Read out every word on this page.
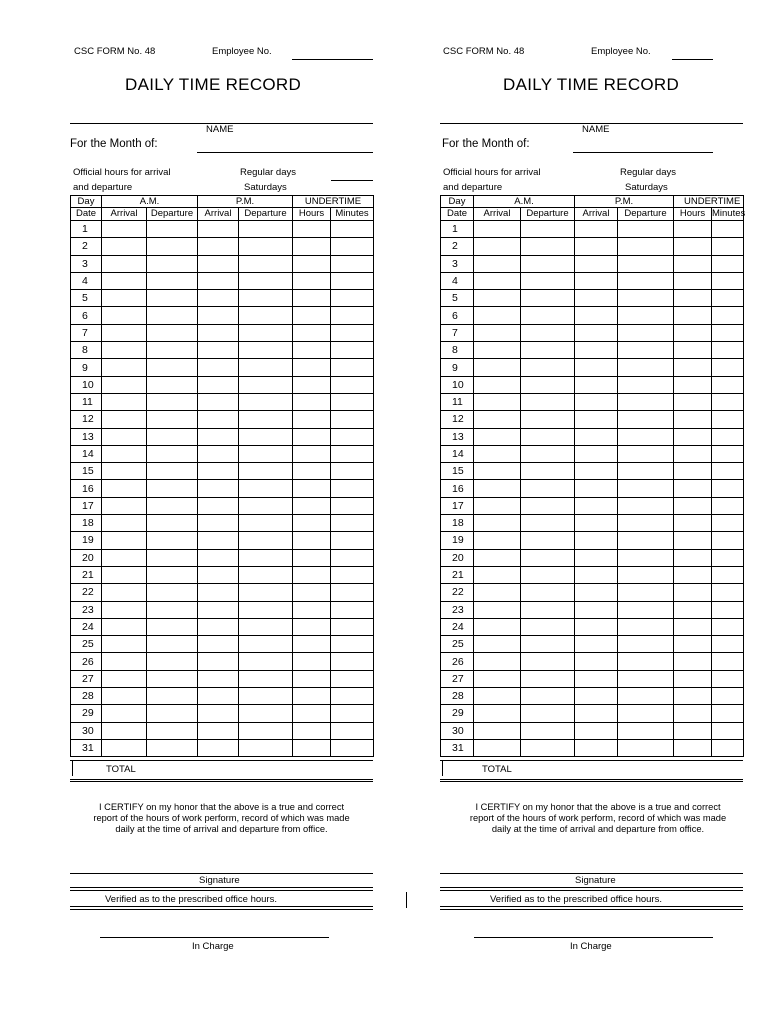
CSC FORM No. 48	Employee No.
DAILY TIME RECORD
NAME
For the Month of:
Official hours for arrival	Regular days
and departure	Saturdays
Day	A.M.		P.M.		UNDERTIME	
Date	Arrival	Departure	Arrival	Departure	Hours	Minutes
1						
2						
3						
4						
5						
6						
7						
8						
9						
10						
11						
12						
13						
14						
15						
16						
17						
18						
19						
20						
21						
22						
23						
24						
25						
26						
27						
28						
29						
30						
31						
TOTAL
I CERTIFY on my honor that the above is a true and correct
report of the hours of work perform, record of which was made
daily at the time of arrival and departure from office.
Signature
Verified as to the prescribed office hours.
In Charge
CSC FORM No. 48	Employee No.
DAILY TIME RECORD
NAME
For the Month of:
Official hours for arrival	Regular days
and departure	Saturdays
Day	A.M.		P.M.		UNDERTIME	
Date	Arrival	Departure	Arrival	Departure	Hours	Minutes
1						
2						
3						
4						
5						
6						
7						
8						
9						
10						
11						
12						
13						
14						
15						
16						
17						
18						
19						
20						
21						
22						
23						
24						
25						
26						
27						
28						
29						
30						
31						
TOTAL
I CERTIFY on my honor that the above is a true and correct
report of the hours of work perform, record of which was made
daily at the time of arrival and departure from office.
Signature
Verified as to the prescribed office hours.
In Charge
